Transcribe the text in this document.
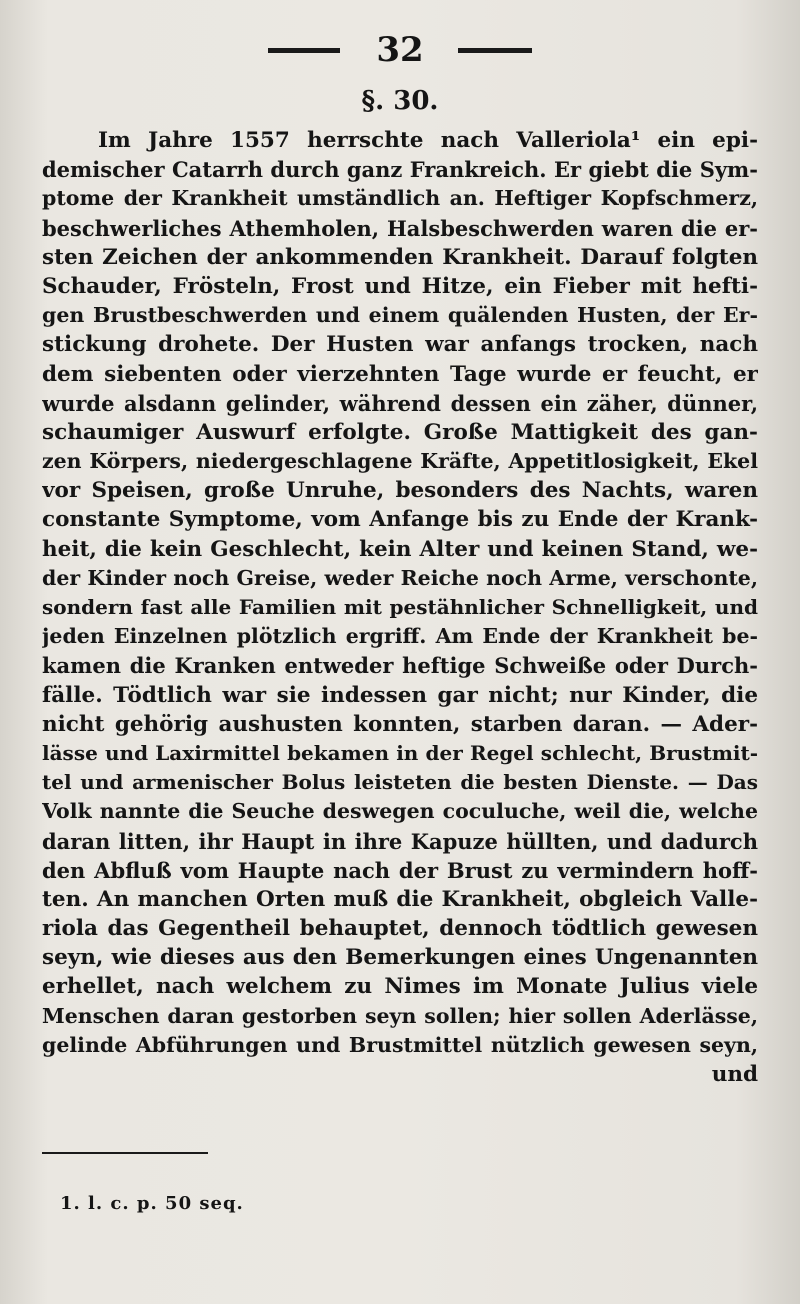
32
§. 30.
Im Jahre 1557 herrschte nach Valleriola¹ ein epi-
demischer Catarrh durch ganz Frankreich. Er giebt die Sym-
ptome der Krankheit umständlich an. Heftiger Kopfschmerz,
beschwerliches Athemholen, Halsbeschwerden waren die er-
sten Zeichen der ankommenden Krankheit. Darauf folgten
Schauder, Frösteln, Frost und Hitze, ein Fieber mit hefti-
gen Brustbeschwerden und einem quälenden Husten, der Er-
stickung drohete. Der Husten war anfangs trocken, nach
dem siebenten oder vierzehnten Tage wurde er feucht, er
wurde alsdann gelinder, während dessen ein zäher, dünner,
schaumiger Auswurf erfolgte. Große Mattigkeit des gan-
zen Körpers, niedergeschlagene Kräfte, Appetitlosigkeit, Ekel
vor Speisen, große Unruhe, besonders des Nachts, waren
constante Symptome, vom Anfange bis zu Ende der Krank-
heit, die kein Geschlecht, kein Alter und keinen Stand, we-
der Kinder noch Greise, weder Reiche noch Arme, verschonte,
sondern fast alle Familien mit pestähnlicher Schnelligkeit, und
jeden Einzelnen plötzlich ergriff. Am Ende der Krankheit be-
kamen die Kranken entweder heftige Schweiße oder Durch-
fälle. Tödtlich war sie indessen gar nicht; nur Kinder, die
nicht gehörig aushusten konnten, starben daran. — Ader-
lässe und Laxirmittel bekamen in der Regel schlecht, Brustmit-
tel und armenischer Bolus leisteten die besten Dienste. — Das
Volk nannte die Seuche deswegen coculuche, weil die, welche
daran litten, ihr Haupt in ihre Kapuze hüllten, und dadurch
den Abfluß vom Haupte nach der Brust zu vermindern hoff-
ten. An manchen Orten muß die Krankheit, obgleich Valle-
riola das Gegentheil behauptet, dennoch tödtlich gewesen
seyn, wie dieses aus den Bemerkungen eines Ungenannten
erhellet, nach welchem zu Nimes im Monate Julius viele
Menschen daran gestorben seyn sollen; hier sollen Aderlässe,
gelinde Abführungen und Brustmittel nützlich gewesen seyn,
und
1. l. c. p. 50 seq.
